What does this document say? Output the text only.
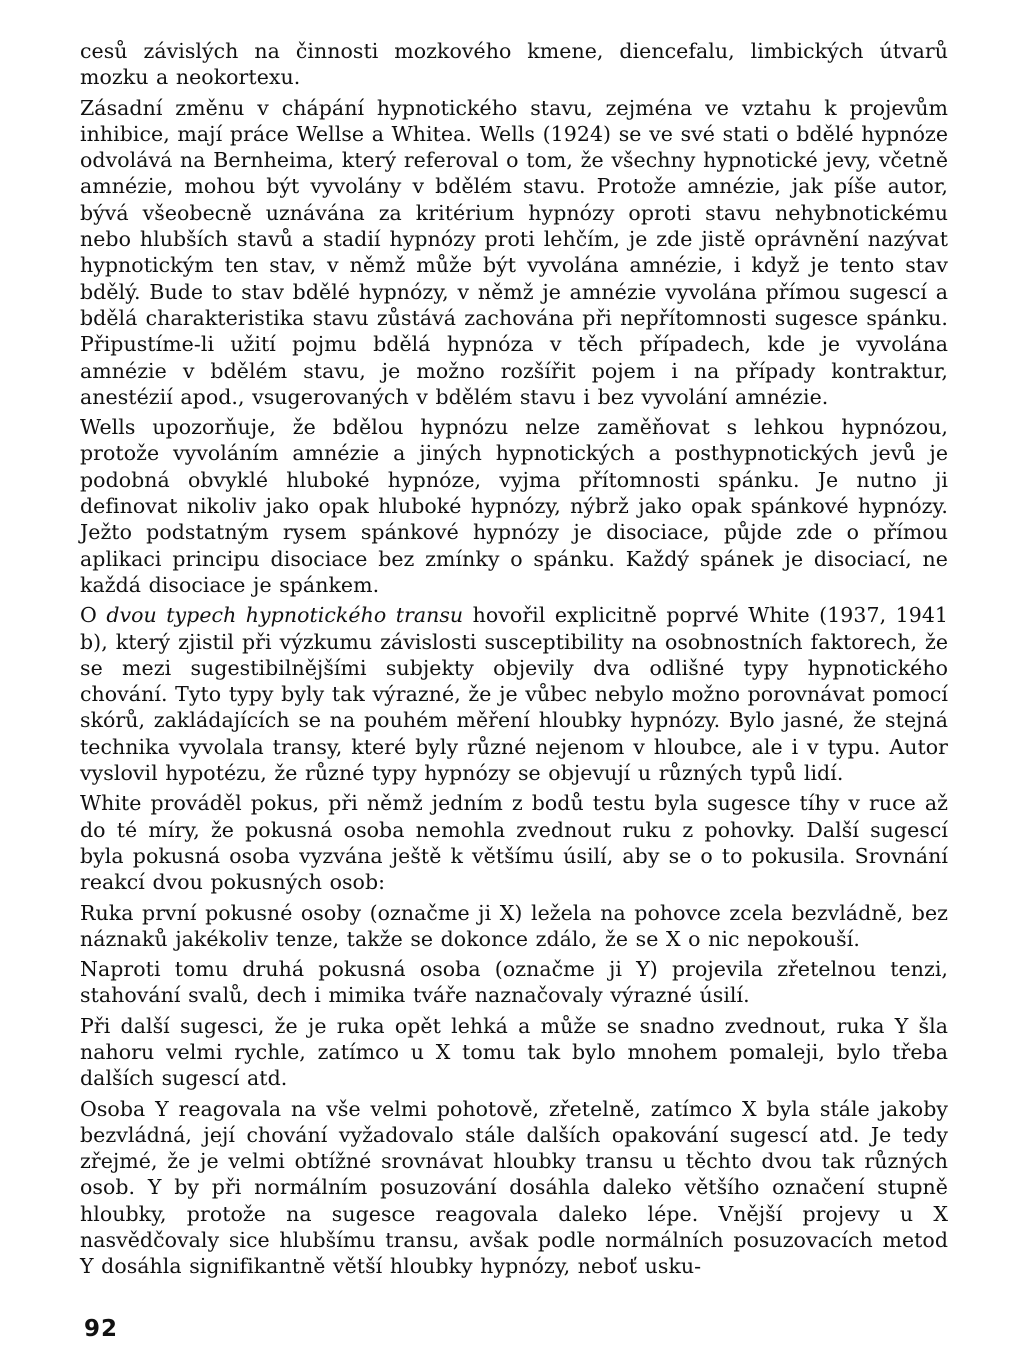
cesů závislých na činnosti mozkového kmene, diencefalu, limbických útvarů mozku a neokortexu.

Zásadní změnu v chápání hypnotického stavu, zejména ve vztahu k projevům inhibice, mají práce Wellse a Whitea. Wells (1924) se ve své stati o bdělé hypnóze odvolává na Bernheima, který referoval o tom, že všechny hypnotické jevy, včetně amnézie, mohou být vyvolány v bdělém stavu. Protože amnézie, jak píše autor, bývá všeobecně uznávána za kritérium hypnózy oproti stavu nehybnotickému nebo hlubších stavů a stadií hypnózy proti lehčím, je zde jistě oprávnění nazývat hypnotickým ten stav, v němž může být vyvolána amnézie, i když je tento stav bdělý. Bude to stav bdělé hypnózy, v němž je amnézie vyvolána přímou sugescí a bdělá charakteristika stavu zůstává zachována při nepřítomnosti sugesce spánku. Připustíme-li užití pojmu bdělá hypnóza v těch případech, kde je vyvolána amnézie v bdělém stavu, je možno rozšířit pojem i na případy kontraktur, anestézií apod., vsugerovaných v bdělém stavu i bez vyvolání amnézie.

Wells upozorňuje, že bdělou hypnózu nelze zaměňovat s lehkou hypnózou, protože vyvoláním amnézie a jiných hypnotických a posthypnotických jevů je podobná obvyklé hluboké hypnóze, vyjma přítomnosti spánku. Je nutno ji definovat nikoliv jako opak hluboké hypnózy, nýbrž jako opak spánkové hypnózy. Ježto podstatným rysem spánkové hypnózy je disociace, půjde zde o přímou aplikaci principu disociace bez zmínky o spánku. Každý spánek je disociací, ne každá disociace je spánkem.

O dvou typech hypnotického transu hovořil explicitně poprvé White (1937, 1941 b), který zjistil při výzkumu závislosti susceptibility na osobnostních faktorech, že se mezi sugestibilnějšími subjekty objevily dva odlišné typy hypnotického chování. Tyto typy byly tak výrazné, že je vůbec nebylo možno porovnávat pomocí skórů, zakládajících se na pouhém měření hloubky hypnózy. Bylo jasné, že stejná technika vyvolala transy, které byly různé nejenom v hloubce, ale i v typu. Autor vyslovil hypotézu, že různé typy hypnózy se objevují u různých typů lidí.

White prováděl pokus, při němž jedním z bodů testu byla sugesce tíhy v ruce až do té míry, že pokusná osoba nemohla zvednout ruku z pohovky. Další sugescí byla pokusná osoba vyzvána ještě k většímu úsilí, aby se o to pokusila. Srovnání reakcí dvou pokusných osob:

Ruka první pokusné osoby (označme ji X) ležela na pohovce zcela bezvládně, bez náznaků jakékoliv tenze, takže se dokonce zdálo, že se X o nic nepokouší.

Naproti tomu druhá pokusná osoba (označme ji Y) projevila zřetelnou tenzi, stahování svalů, dech i mimika tváře naznačovaly výrazné úsilí.

Při další sugesci, že je ruka opět lehká a může se snadno zvednout, ruka Y šla nahoru velmi rychle, zatímco u X tomu tak bylo mnohem pomaleji, bylo třeba dalších sugescí atd.

Osoba Y reagovala na vše velmi pohotově, zřetelně, zatímco X byla stále jakoby bezvládná, její chování vyžadovalo stále dalších opakování sugescí atd. Je tedy zřejmé, že je velmi obtížné srovnávat hloubky transu u těchto dvou tak různých osob. Y by při normálním posuzování dosáhla daleko většího označení stupně hloubky, protože na sugesce reagovala daleko lépe. Vnější projevy u X nasvědčovaly sice hlubšímu transu, avšak podle normálních posuzovacích metod Y dosáhla signifikantně větší hloubky hypnózy, neboť usku-

92
